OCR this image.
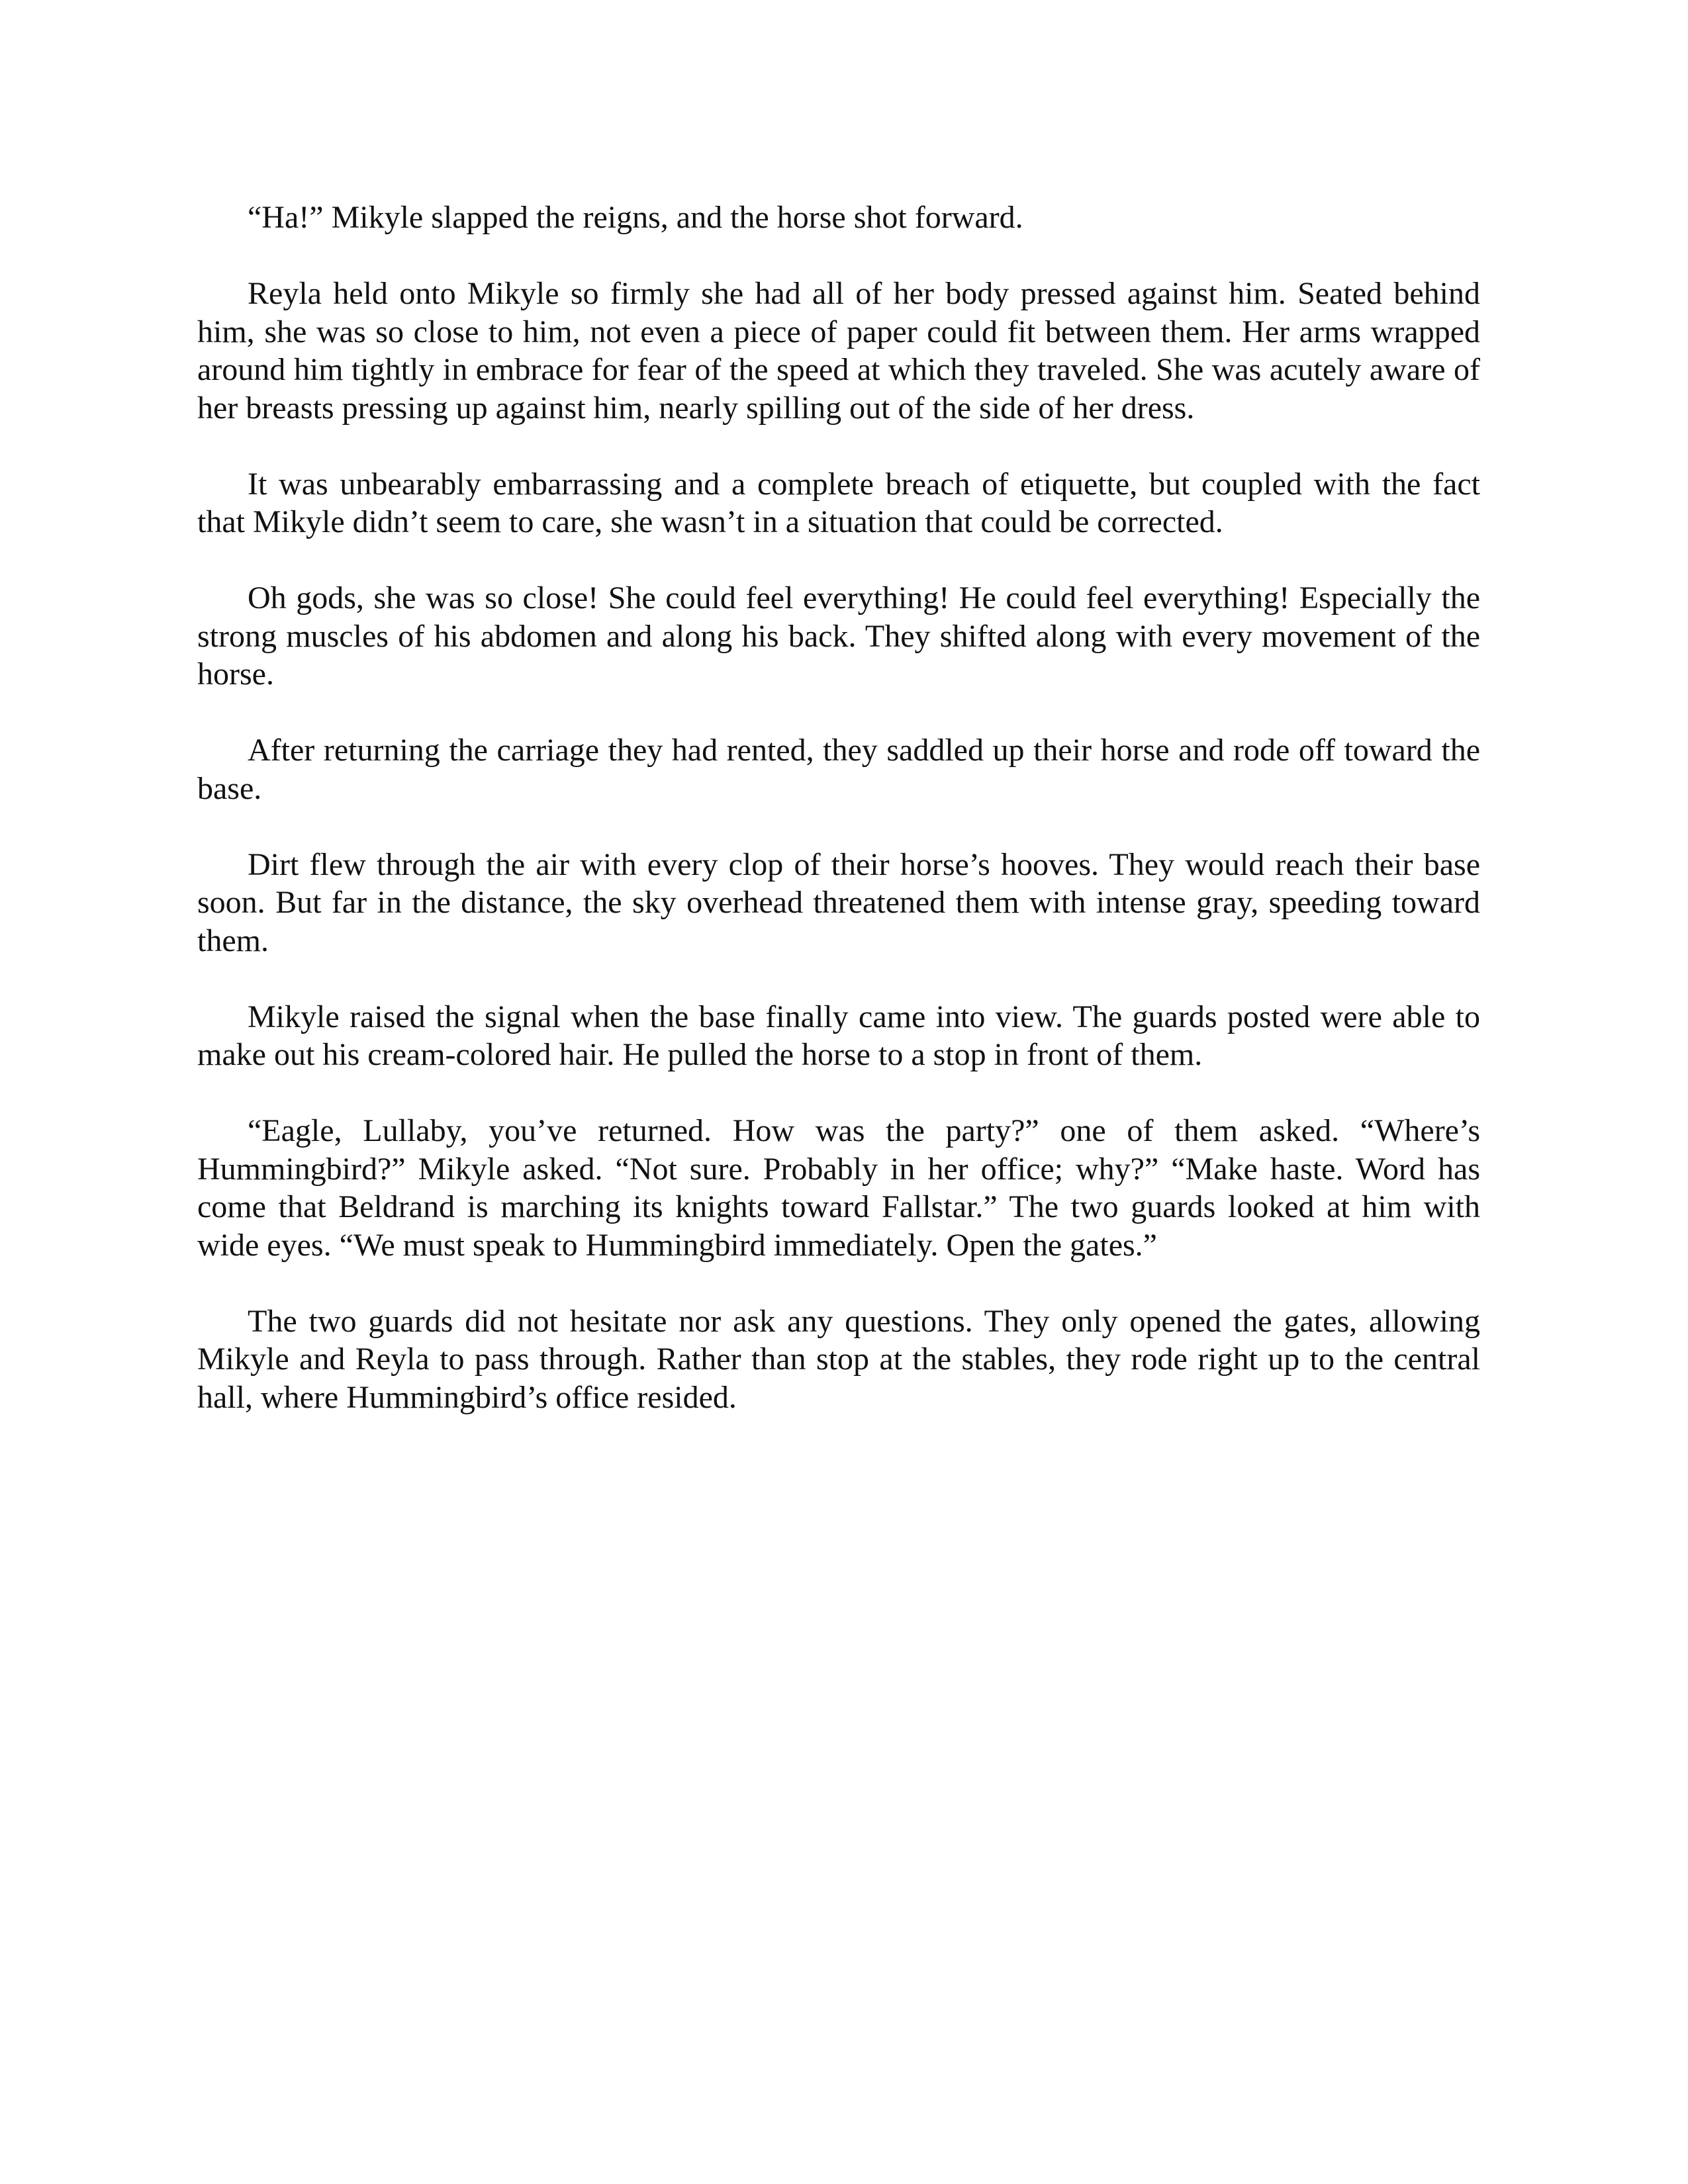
“Ha!” Mikyle slapped the reigns, and the horse shot forward.

Reyla held onto Mikyle so firmly she had all of her body pressed against him. Seated behind him, she was so close to him, not even a piece of paper could fit between them. Her arms wrapped around him tightly in embrace for fear of the speed at which they traveled. She was acutely aware of her breasts pressing up against him, nearly spilling out of the side of her dress.

It was unbearably embarrassing and a complete breach of etiquette, but coupled with the fact that Mikyle didn’t seem to care, she wasn’t in a situation that could be corrected.

Oh gods, she was so close! She could feel everything! He could feel everything! Especially the strong muscles of his abdomen and along his back. They shifted along with every movement of the horse.

After returning the carriage they had rented, they saddled up their horse and rode off toward the base.

Dirt flew through the air with every clop of their horse’s hooves. They would reach their base soon. But far in the distance, the sky overhead threatened them with intense gray, speeding toward them.

Mikyle raised the signal when the base finally came into view. The guards posted were able to make out his cream-colored hair. He pulled the horse to a stop in front of them.

“Eagle, Lullaby, you’ve returned. How was the party?” one of them asked. “Where’s Hummingbird?” Mikyle asked. “Not sure. Probably in her office; why?” “Make haste. Word has come that Beldrand is marching its knights toward Fallstar.” The two guards looked at him with wide eyes. “We must speak to Hummingbird immediately. Open the gates.”

The two guards did not hesitate nor ask any questions. They only opened the gates, allowing Mikyle and Reyla to pass through. Rather than stop at the stables, they rode right up to the central hall, where Hummingbird’s office resided.
